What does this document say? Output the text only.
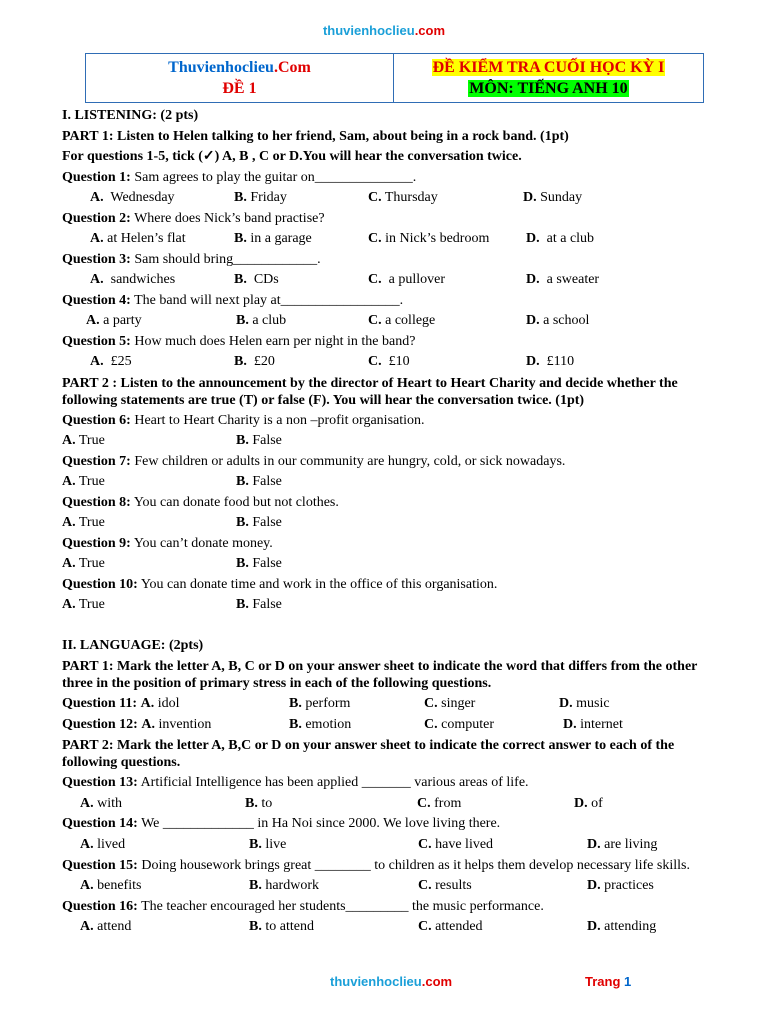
thuvienhoclieu.com
Thuvienhoclieu.Com
ĐỀ 1
ĐỀ KIỂM TRA CUỐI HỌC KỲ I
MÔN: TIẾNG ANH 10
I. LISTENING: (2 pts)
PART 1: Listen to Helen talking to her friend, Sam, about being in a rock band. (1pt)
For questions 1-5, tick (✓) A, B , C or D.You will hear the conversation twice.
Question 1: Sam agrees to play the guitar on______________.
A. Wednesday	B. Friday	C. Thursday	D. Sunday
Question 2: Where does Nick’s band practise?
A. at Helen’s flat	B. in a garage	C. in Nick’s bedroom	D. at a club
Question 3: Sam should bring____________.
A. sandwiches	B. CDs	C. a pullover	D. a sweater
Question 4: The band will next play at_________________.
A. a party	B. a club	C. a college	D. a school
Question 5: How much does Helen earn per night in the band?
A. £25	B. £20	C. £10	D. £110
PART 2 : Listen to the announcement by the director of Heart to Heart Charity and decide whether the following statements are true (T) or false (F). You will hear the conversation twice. (1pt)
Question 6: Heart to Heart Charity is a non –profit organisation.
A. True	B. False
Question 7: Few children or adults in our community are hungry, cold, or sick nowadays.
A. True	B. False
Question 8: You can donate food but not clothes.
A. True	B. False
Question 9: You can’t donate money.
A. True	B. False
Question 10: You can donate time and work in the office of this organisation.
A. True	B. False
II. LANGUAGE: (2pts)
PART 1: Mark the letter A, B, C or D on your answer sheet to indicate the word that differs from the other three in the position of primary stress in each of the following questions.
Question 11: A. idol	B. perform	C. singer	D. music
Question 12: A. invention	B. emotion	C. computer	D. internet
PART 2: Mark the letter A, B,C or D on your answer sheet to indicate the correct answer to each of the following questions.
Question 13: Artificial Intelligence has been applied _______ various areas of life.
A. with	B. to	C. from	D. of
Question 14: We _____________ in Ha Noi since 2000. We love living there.
A. lived	B. live	C. have lived	D. are living
Question 15: Doing housework brings great ________ to children as it helps them develop necessary life skills.
A. benefits	B. hardwork	C. results	D. practices
Question 16: The teacher encouraged her students_________ the music performance.
A. attend	B. to attend	C. attended	D. attending
thuvienhoclieu.com	Trang 1
